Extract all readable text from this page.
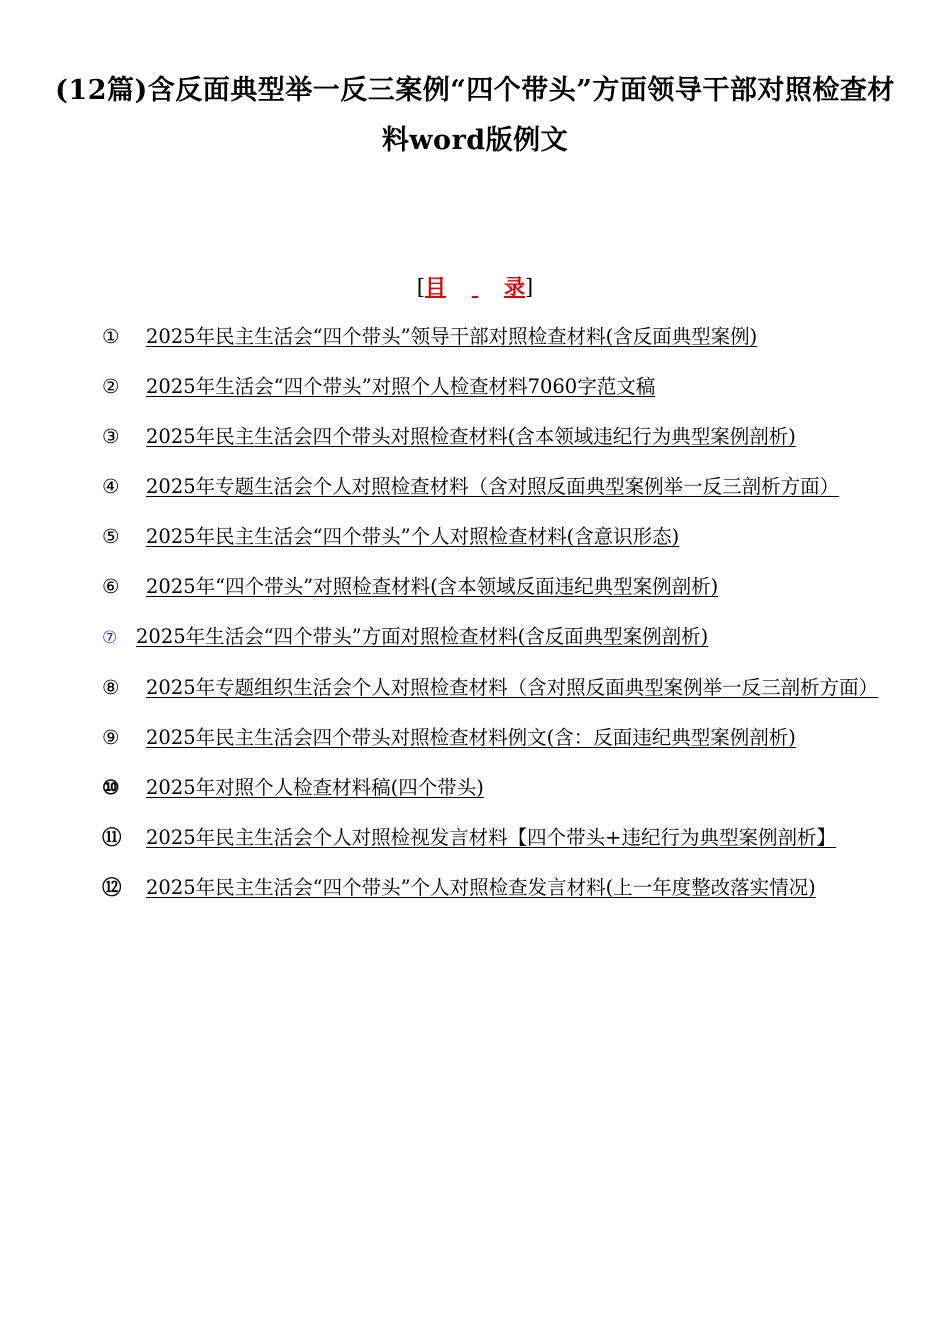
(12篇)含反面典型举一反三案例“四个带头”方面领导干部对照检查材料word版例文
[目	录]

① 2025年民主生活会“四个带头”领导干部对照检查材料(含反面典型案例)

② 2025年生活会“四个带头”对照个人检查材料7060字范文稿

③ 2025年民主生活会四个带头对照检查材料(含本领域违纪行为典型案例剖析)

④ 2025年专题生活会个人对照检查材料（含对照反面典型案例举一反三剖析方面）

⑤ 2025年民主生活会“四个带头”个人对照检查材料(含意识形态)

⑥ 2025年“四个带头”对照检查材料(含本领域反面违纪典型案例剖析)

⑦ 2025年生活会“四个带头”方面对照检查材料(含反面典型案例剖析)

⑧ 2025年专题组织生活会个人对照检查材料（含对照反面典型案例举一反三剖析方面）

⑨ 2025年民主生活会四个带头对照检查材料例文(含：反面违纪典型案例剖析)

⑩ 2025年对照个人检查材料稿(四个带头)

⑪ 2025年民主生活会个人对照检视发言材料【四个带头+违纪行为典型案例剖析】

⑫ 2025年民主生活会“四个带头”个人对照检查发言材料(上一年度整改落实情况)
